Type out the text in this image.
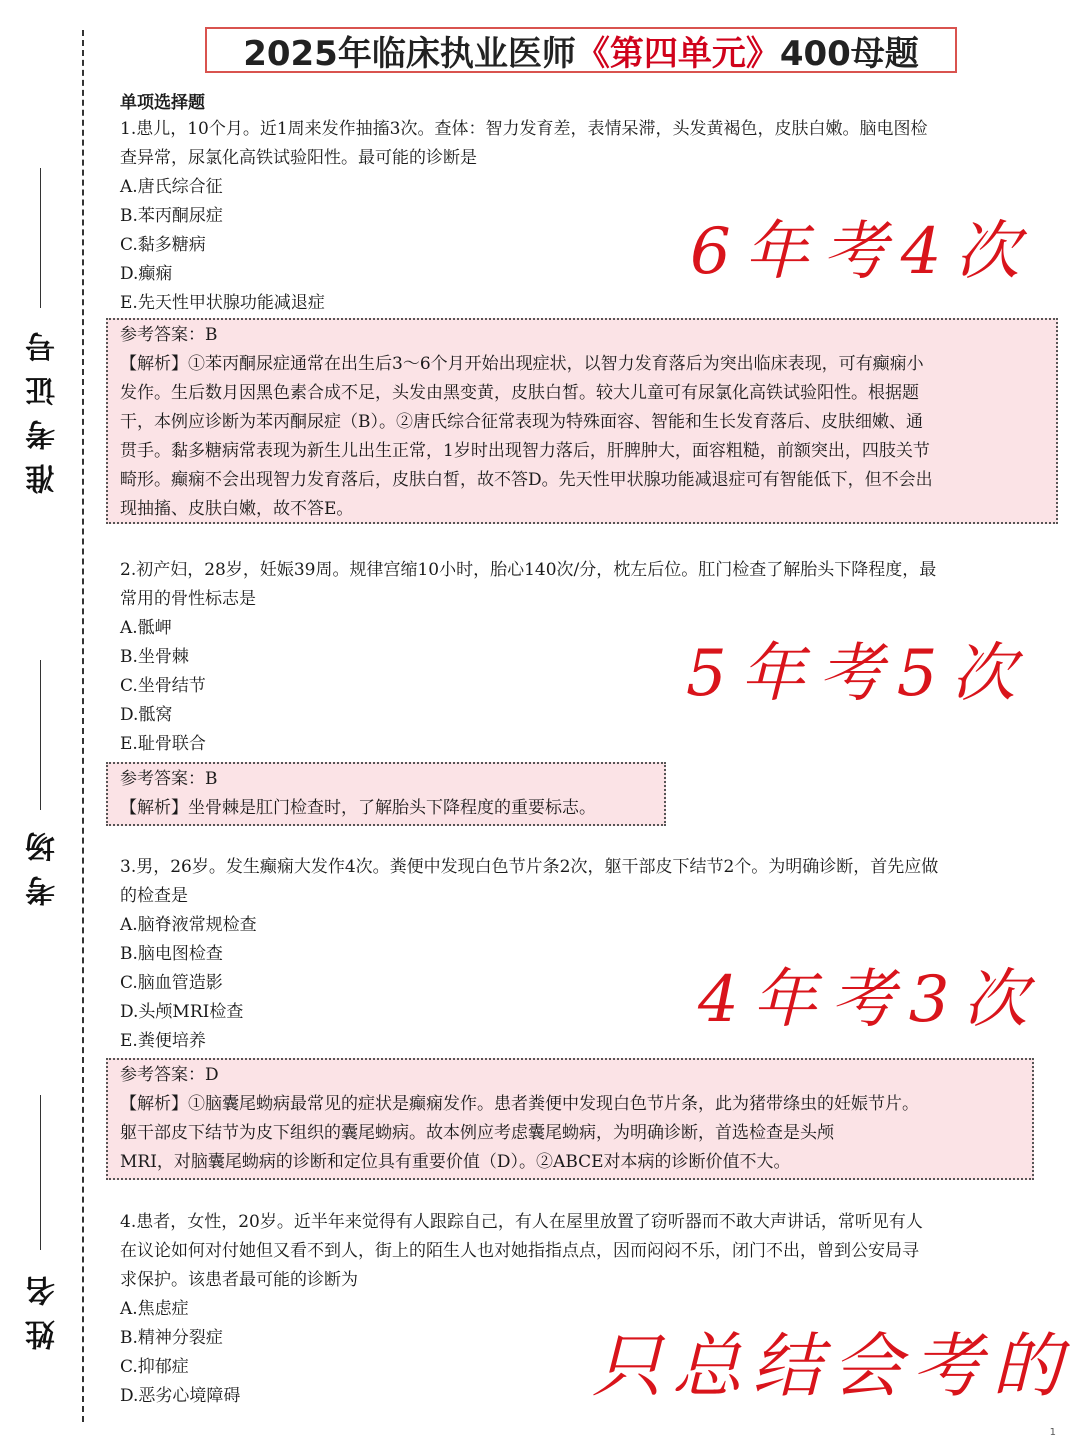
准考证号
考场
姓名
2025年临床执业医师 《第四单元》 400母题
单项选择题

1.患儿，10个月。近1周来发作抽搐3次。查体：智力发育差，表情呆滞，头发黄褐色，皮肤白嫩。脑电图检

查异常，尿氯化高铁试验阳性。最可能的诊断是

A.唐氏综合征

B.苯丙酮尿症

C.黏多糖病

D.癫痫

E.先天性甲状腺功能减退症

参考答案：B

【解析】①苯丙酮尿症通常在出生后3～6个月开始出现症状，以智力发育落后为突出临床表现，可有癫痫小

发作。生后数月因黑色素合成不足，头发由黑变黄，皮肤白皙。较大儿童可有尿氯化高铁试验阳性。根据题

干，本例应诊断为苯丙酮尿症（B）。②唐氏综合征常表现为特殊面容、智能和生长发育落后、皮肤细嫩、通

贯手。黏多糖病常表现为新生儿出生正常，1岁时出现智力落后，肝脾肿大，面容粗糙，前额突出，四肢关节

畸形。癫痫不会出现智力发育落后，皮肤白皙，故不答D。先天性甲状腺功能减退症可有智能低下，但不会出

现抽搐、皮肤白嫩，故不答E。

6年考4次

2.初产妇，28岁，妊娠39周。规律宫缩10小时，胎心140次/分，枕左后位。肛门检查了解胎头下降程度，最

常用的骨性标志是

A.骶岬

B.坐骨棘

C.坐骨结节

D.骶窝

E.耻骨联合

参考答案：B

【解析】坐骨棘是肛门检查时，了解胎头下降程度的重要标志。

5年考5次

3.男，26岁。发生癫痫大发作4次。粪便中发现白色节片条2次，躯干部皮下结节2个。为明确诊断，首先应做

的检查是

A.脑脊液常规检查

B.脑电图检查

C.脑血管造影

D.头颅MRI检查

E.粪便培养

参考答案：D

【解析】①脑囊尾蚴病最常见的症状是癫痫发作。患者粪便中发现白色节片条，此为猪带绦虫的妊娠节片。

躯干部皮下结节为皮下组织的囊尾蚴病。故本例应考虑囊尾蚴病，为明确诊断，首选检查是头颅

MRI，对脑囊尾蚴病的诊断和定位具有重要价值（D）。②ABCE对本病的诊断价值不大。

4年考3次

4.患者，女性，20岁。近半年来觉得有人跟踪自己，有人在屋里放置了窃听器而不敢大声讲话，常听见有人

在议论如何对付她但又看不到人，街上的陌生人也对她指指点点，因而闷闷不乐，闭门不出，曾到公安局寻

求保护。该患者最可能的诊断为

A.焦虑症

B.精神分裂症

C.抑郁症

D.恶劣心境障碍	只总结会考的
1
